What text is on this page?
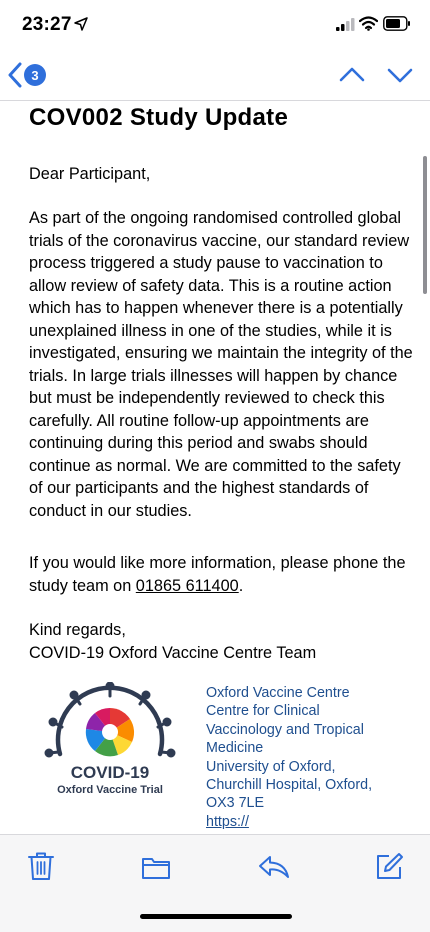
23:27
3
COV002 Study Update
Dear Participant,
As part of the ongoing randomised controlled global trials of the coronavirus vaccine, our standard review process triggered a study pause to vaccination to allow review of safety data. This is a routine action which has to happen whenever there is a potentially unexplained illness in one of the studies, while it is investigated, ensuring we maintain the integrity of the trials. In large trials illnesses will happen by chance but must be independently reviewed to check this carefully. All routine follow-up appointments are continuing during this period and swabs should continue as normal. We are committed to the safety of our participants and the highest standards of conduct in our studies.
If you would like more information, please phone the study team on 01865 611400.
Kind regards,
COVID-19 Oxford Vaccine Centre Team
COVID-19
Oxford Vaccine Trial
Oxford Vaccine Centre
Centre for Clinical
Vaccinology and Tropical
Medicine
University of Oxford,
Churchill Hospital, Oxford,
OX3 7LE
https://
